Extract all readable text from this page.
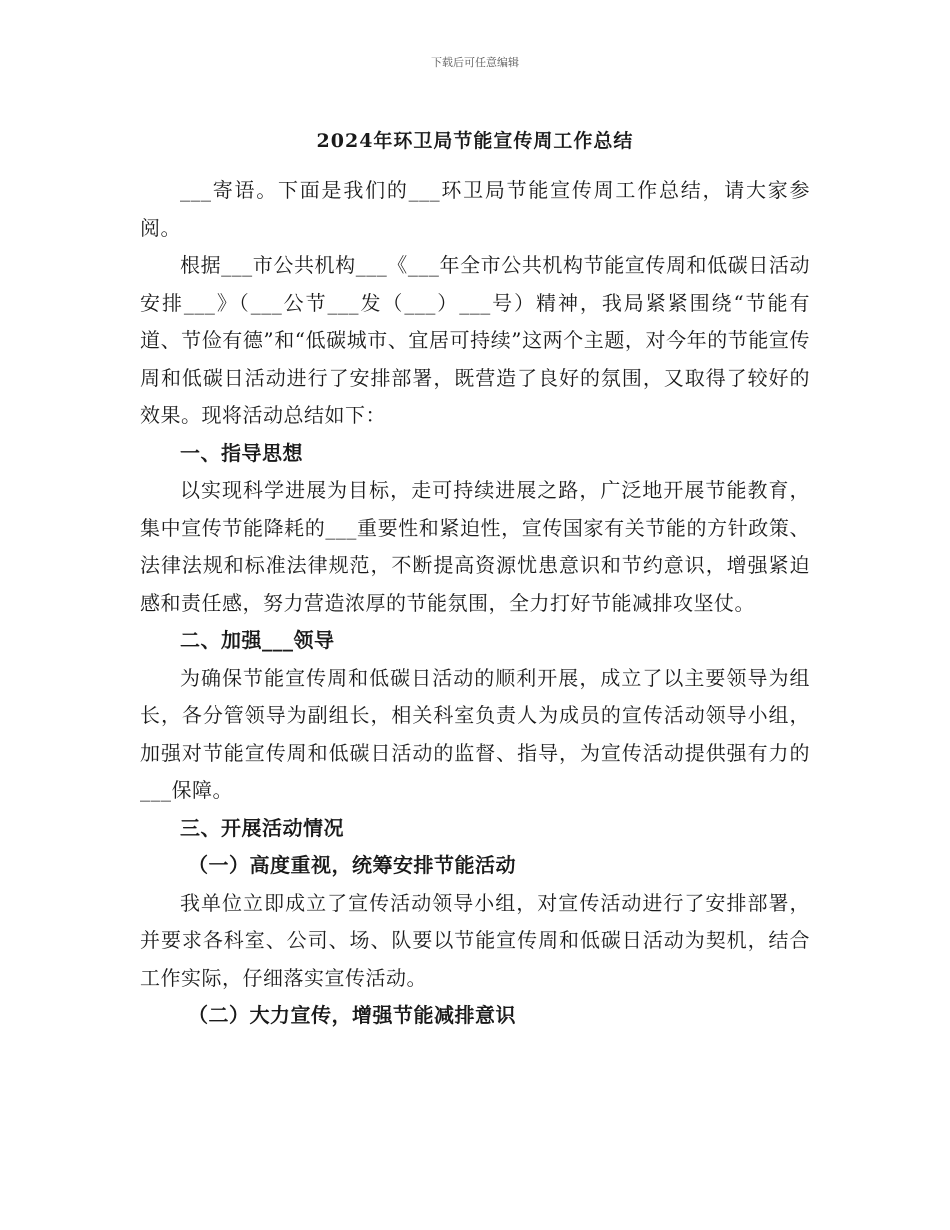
下载后可任意编辑
2024年环卫局节能宣传周工作总结

___寄语。下面是我们的___环卫局节能宣传周工作总结，请大家参阅。

根据___市公共机构___《___年全市公共机构节能宣传周和低碳日活动安排___》（___公节___发（___）___号）精神，我局紧紧围绕“节能有道、节俭有德”和“低碳城市、宜居可持续”这两个主题，对今年的节能宣传周和低碳日活动进行了安排部署，既营造了良好的氛围，又取得了较好的效果。现将活动总结如下：

一、指导思想

以实现科学进展为目标，走可持续进展之路，广泛地开展节能教育，集中宣传节能降耗的___重要性和紧迫性，宣传国家有关节能的方针政策、法律法规和标准法律规范，不断提高资源忧患意识和节约意识，增强紧迫感和责任感，努力营造浓厚的节能氛围，全力打好节能减排攻坚仗。

二、加强___领导

为确保节能宣传周和低碳日活动的顺利开展，成立了以主要领导为组长，各分管领导为副组长，相关科室负责人为成员的宣传活动领导小组，加强对节能宣传周和低碳日活动的监督、指导，为宣传活动提供强有力的___保障。

三、开展活动情况

（一）高度重视，统筹安排节能活动

我单位立即成立了宣传活动领导小组，对宣传活动进行了安排部署，并要求各科室、公司、场、队要以节能宣传周和低碳日活动为契机，结合工作实际，仔细落实宣传活动。

（二）大力宣传，增强节能减排意识
